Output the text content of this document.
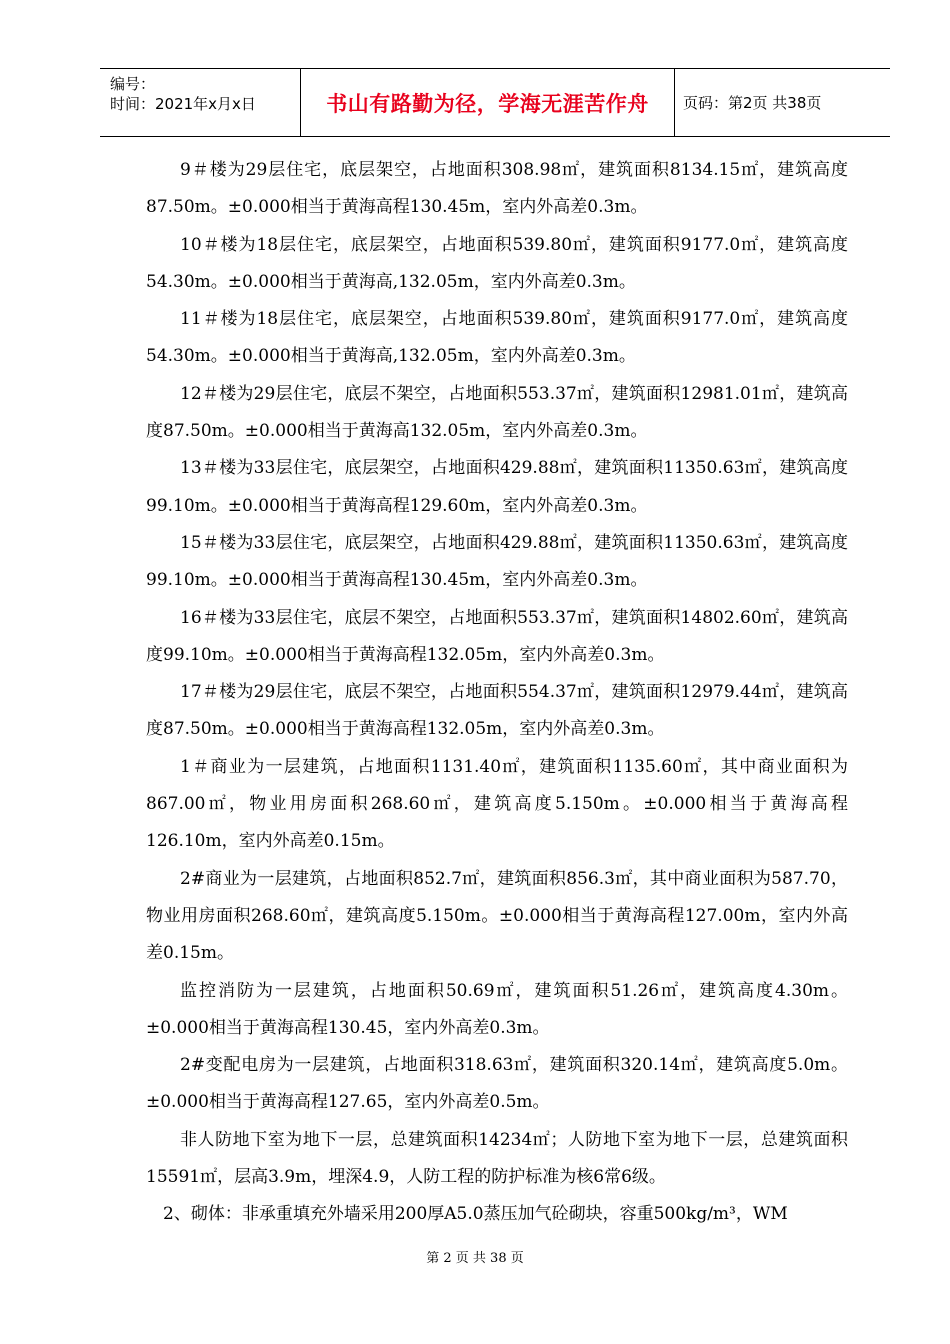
编号：
时间：2021年x月x日	书山有路勤为径，学海无涯苦作舟 页码：第2页 共38页

9＃楼为29层住宅，底层架空，占地面积308.98㎡，建筑面积8134.15㎡，建筑高度87.50m。±0.000相当于黄海高程130.45m，室内外高差0.3m。

10＃楼为18层住宅，底层架空，占地面积539.80㎡，建筑面积9177.0㎡，建筑高度54.30m。±0.000相当于黄海高,132.05m，室内外高差0.3m。

11＃楼为18层住宅，底层架空，占地面积539.80㎡，建筑面积9177.0㎡，建筑高度54.30m。±0.000相当于黄海高,132.05m，室内外高差0.3m。

12＃楼为29层住宅，底层不架空，占地面积553.37㎡，建筑面积12981.01㎡，建筑高度87.50m。±0.000相当于黄海高132.05m，室内外高差0.3m。

13＃楼为33层住宅，底层架空，占地面积429.88㎡，建筑面积11350.63㎡，建筑高度99.10m。±0.000相当于黄海高程129.60m，室内外高差0.3m。

15＃楼为33层住宅，底层架空，占地面积429.88㎡，建筑面积11350.63㎡，建筑高度99.10m。±0.000相当于黄海高程130.45m，室内外高差0.3m。

16＃楼为33层住宅，底层不架空，占地面积553.37㎡，建筑面积14802.60㎡，建筑高度99.10m。±0.000相当于黄海高程132.05m，室内外高差0.3m。

17＃楼为29层住宅，底层不架空，占地面积554.37㎡，建筑面积12979.44㎡，建筑高度87.50m。±0.000相当于黄海高程132.05m，室内外高差0.3m。

1＃商业为一层建筑，占地面积1131.40㎡，建筑面积1135.60㎡，其中商业面积为867.00㎡，物业用房面积268.60㎡，建筑高度5.150m。±0.000相当于黄海高程126.10m，室内外高差0.15m。

2#商业为一层建筑，占地面积852.7㎡，建筑面积856.3㎡，其中商业面积为587.70，物业用房面积268.60㎡，建筑高度5.150m。±0.000相当于黄海高程127.00m，室内外高差0.15m。

监控消防为一层建筑，占地面积50.69㎡，建筑面积51.26㎡，建筑高度4.30m。±0.000相当于黄海高程130.45，室内外高差0.3m。

2#变配电房为一层建筑，占地面积318.63㎡，建筑面积320.14㎡，建筑高度5.0m。±0.000相当于黄海高程127.65，室内外高差0.5m。

非人防地下室为地下一层，总建筑面积14234㎡；人防地下室为地下一层，总建筑面积15591㎡，层高3.9m，埋深4.9，人防工程的防护标准为核6常6级。

2、砌体：非承重填充外墙采用200厚A5.0蒸压加气砼砌块，容重500kg/m³，WM

第 2 页 共 38 页
